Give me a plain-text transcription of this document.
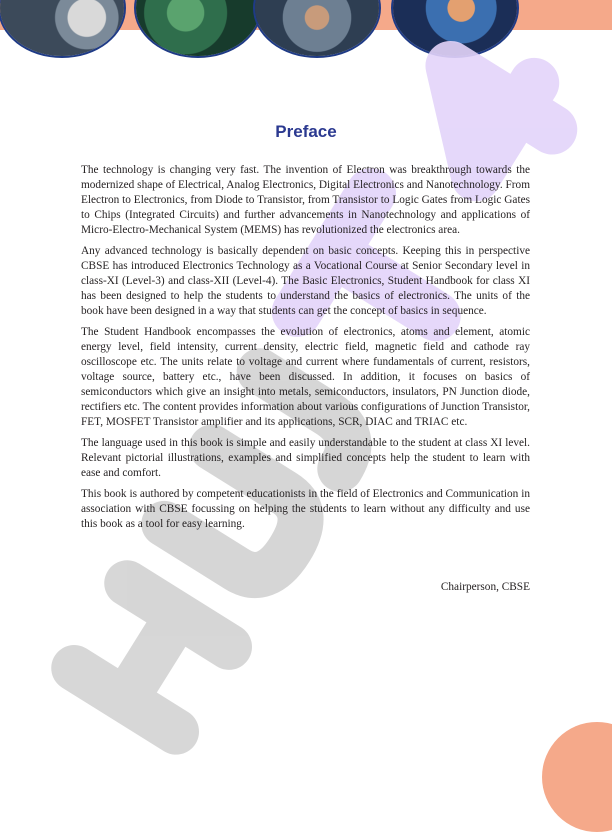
Preface

The technology is changing very fast. The invention of Electron was breakthrough towards the modernized shape of Electrical, Analog Electronics, Digital Electronics and Nanotechnology. From Electron to Electronics, from Diode to Transistor, from Transistor to Logic Gates from Logic Gates to Chips (Integrated Circuits) and further advancements in Nanotechnology and applications of Micro-Electro-Mechanical System (MEMS) has revolutionized the electronics area.

Any advanced technology is basically dependent on basic concepts. Keeping this in perspective CBSE has introduced Electronics Technology as a Vocational Course at Senior Secondary level in class-XI (Level-3) and class-XII (Level-4). The Basic Electronics, Student Handbook for class XI has been designed to help the students to understand the basics of electronics. The units of the book have been designed in a way that students can get the concept of basics in sequence.

The Student Handbook encompasses the evolution of electronics, atoms and element, atomic energy level, field intensity, current density, electric field, magnetic field and cathode ray oscilloscope etc. The units relate to voltage and current where fundamentals of current, resistors, voltage source, battery etc., have been discussed. In addition, it focuses on basics of semiconductors which give an insight into metals, semiconductors, insulators, PN Junction diode, rectifiers etc. The content provides information about various configurations of Junction Transistor, FET, MOSFET Transistor amplifier and its applications, SCR, DIAC and TRIAC etc.

The language used in this book is simple and easily understandable to the student at class XI level. Relevant pictorial illustrations, examples and simplified concepts help the student to learn with ease and comfort.

This book is authored by competent educationists in the field of Electronics and Communication in association with CBSE focussing on helping the students to learn without any difficulty and use this book as a tool for easy learning.

Chairperson, CBSE
